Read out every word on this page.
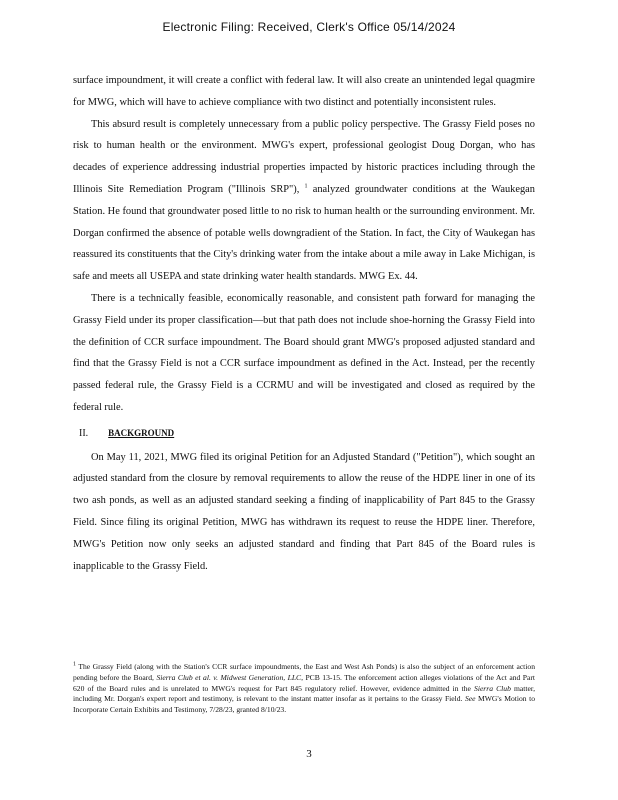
Electronic Filing: Received, Clerk's Office 05/14/2024

surface impoundment, it will create a conflict with federal law. It will also create an unintended legal quagmire for MWG, which will have to achieve compliance with two distinct and potentially inconsistent rules.

This absurd result is completely unnecessary from a public policy perspective. The Grassy Field poses no risk to human health or the environment. MWG's expert, professional geologist Doug Dorgan, who has decades of experience addressing industrial properties impacted by historic practices including through the Illinois Site Remediation Program ("Illinois SRP"), $^1$ analyzed groundwater conditions at the Waukegan Station. He found that groundwater posed little to no risk to human health or the surrounding environment. Mr. Dorgan confirmed the absence of potable wells downgradient of the Station. In fact, the City of Waukegan has reassured its constituents that the City's drinking water from the intake about a mile away in Lake Michigan, is safe and meets all USEPA and state drinking water health standards. MWG Ex. 44.

There is a technically feasible, economically reasonable, and consistent path forward for managing the Grassy Field under its proper classification—but that path does not include shoe-horning the Grassy Field into the definition of CCR surface impoundment. The Board should grant MWG's proposed adjusted standard and find that the Grassy Field is not a CCR surface impoundment as defined in the Act. Instead, per the recently passed federal rule, the Grassy Field is a CCRMU and will be investigated and closed as required by the federal rule.

II. BACKGROUND

On May 11, 2021, MWG filed its original Petition for an Adjusted Standard ("Petition"), which sought an adjusted standard from the closure by removal requirements to allow the reuse of the HDPE liner in one of its two ash ponds, as well as an adjusted standard seeking a finding of inapplicability of Part 845 to the Grassy Field. Since filing its original Petition, MWG has withdrawn its request to reuse the HDPE liner. Therefore, MWG's Petition now only seeks an adjusted standard and finding that Part 845 of the Board rules is inapplicable to the Grassy Field.

$^1$ The Grassy Field (along with the Station's CCR surface impoundments, the East and West Ash Ponds) is also the subject of an enforcement action pending before the Board, Sierra Club et al. v. Midwest Generation, LLC, PCB 13-15. The enforcement action alleges violations of the Act and Part 620 of the Board rules and is unrelated to MWG's request for Part 845 regulatory relief. However, evidence admitted in the Sierra Club matter, including Mr. Dorgan's expert report and testimony, is relevant to the instant matter insofar as it pertains to the Grassy Field. See MWG's Motion to Incorporate Certain Exhibits and Testimony, 7/28/23, granted 8/10/23.
3
